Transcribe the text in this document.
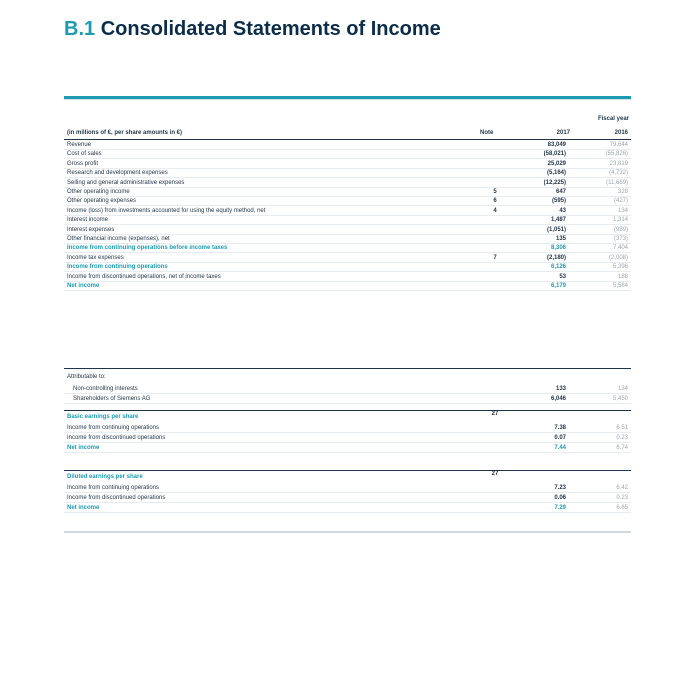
B.1 Consolidated Statements of Income
Fiscal year
(in millions of €, per share amounts in €)	Note	2017	2016
Revenue	83,049	79,644
Cost of sales	(58,021)	(55,826)
Gross profit	25,029	23,819
Research and development expenses	(5,164)	(4,732)
Selling and general administrative expenses	(12,225)	(11,669)
Other operating income	5	647	328
Other operating expenses	6	(595)	(427)
Income (loss) from investments accounted for using the equity method, net	4	43	134
Interest income	1,487	1,314
Interest expenses	(1,051)	(989)
Other financial income (expenses), net	135	(373)
Income from continuing operations before income taxes	8,306	7,404
Income tax expenses	7	(2,180)	(2,008)
Income from continuing operations	6,126	5,396
Income from discontinued operations, net of income taxes	53	188
Net income	6,179	5,584
Attributable to:
Non-controlling interests	133	134
Shareholders of Siemens AG	6,046	5,450
Basic earnings per share	27
Income from continuing operations	7.38	6.51
Income from discontinued operations	0.07	0.23
Net income	7.44	6.74
Diluted earnings per share	27
Income from continuing operations	7.23	6.42
Income from discontinued operations	0.06	0.23
Net income	7.29	6.65
